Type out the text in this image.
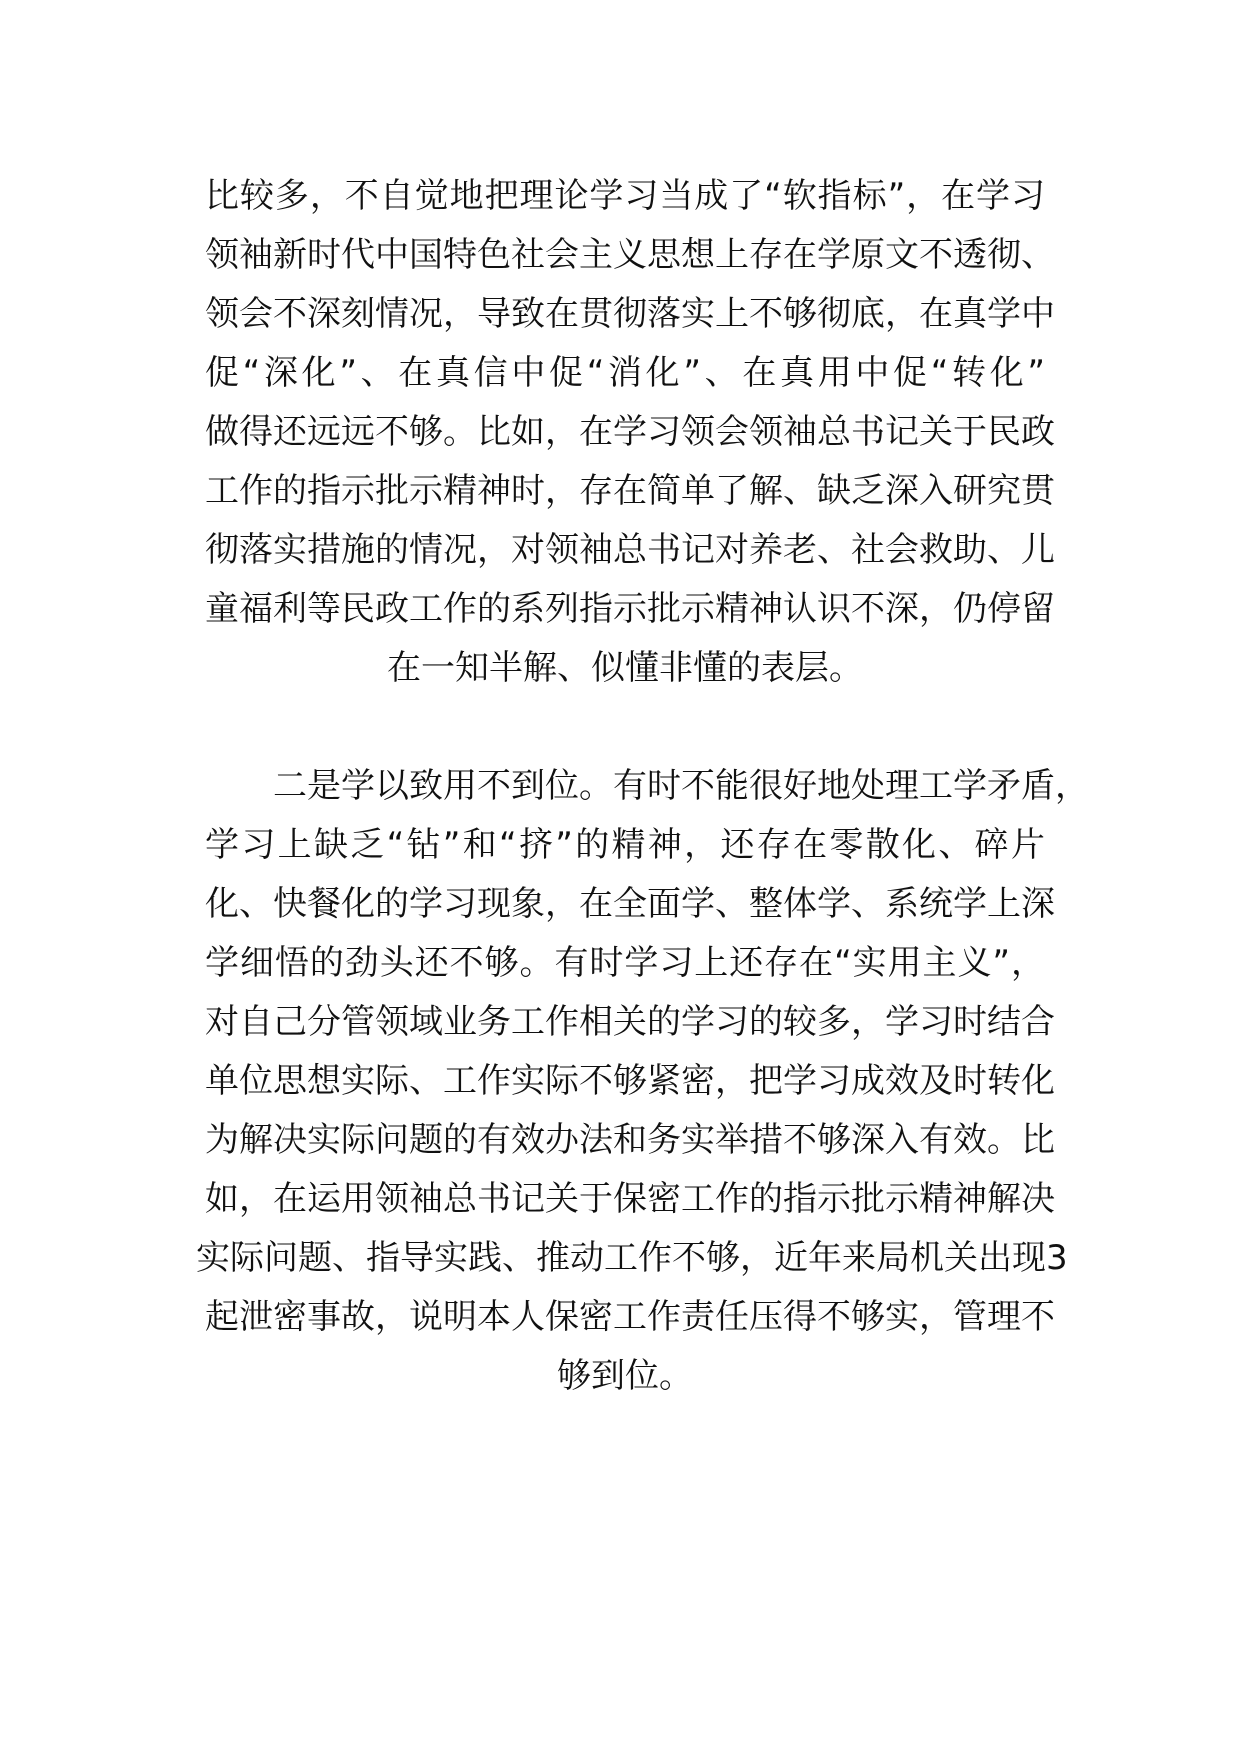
比较多，不自觉地把理论学习当成了“软指标”，在学习
领袖新时代中国特色社会主义思想上存在学原文不透彻、
领会不深刻情况，导致在贯彻落实上不够彻底，在真学中
促“深化”、在真信中促“消化”、在真用中促“转化”
做得还远远不够。比如，在学习领会领袖总书记关于民政
工作的指示批示精神时，存在简单了解、缺乏深入研究贯
彻落实措施的情况，对领袖总书记对养老、社会救助、儿
童福利等民政工作的系列指示批示精神认识不深，仍停留
在一知半解、似懂非懂的表层。
二是学以致用不到位。有时不能很好地处理工学矛盾，
学习上缺乏“钻”和“挤”的精神，还存在零散化、碎片
化、快餐化的学习现象，在全面学、整体学、系统学上深
学细悟的劲头还不够。有时学习上还存在“实用主义”，
对自己分管领域业务工作相关的学习的较多，学习时结合
单位思想实际、工作实际不够紧密，把学习成效及时转化
为解决实际问题的有效办法和务实举措不够深入有效。比
如，在运用领袖总书记关于保密工作的指示批示精神解决
实际问题、指导实践、推动工作不够，近年来局机关出现3
起泄密事故，说明本人保密工作责任压得不够实，管理不
够到位。
